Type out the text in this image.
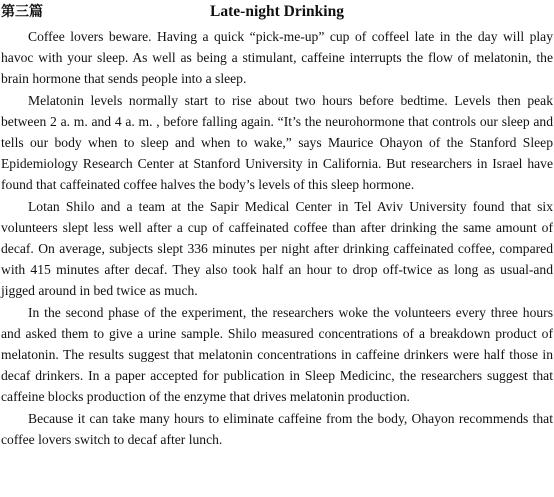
第三篇	Late-night Drinking

Coffee lovers beware. Having a quick “pick-me-up” cup of coffeel late in the day will play havoc with your sleep. As well as being a stimulant, caffeine interrupts the flow of melatonin, the brain hormone that sends people into a sleep.

Melatonin levels normally start to rise about two hours before bedtime. Levels then peak between 2 a. m. and 4 a. m. , before falling again. “It’s the neurohormone that controls our sleep and tells our body when to sleep and when to wake,” says Maurice Ohayon of the Stanford Sleep Epidemiology Research Center at Stanford University in California. But researchers in Israel have found that caffeinated coffee halves the body’s levels of this sleep hormone.

Lotan Shilo and a team at the Sapir Medical Center in Tel Aviv University found that six volunteers slept less well after a cup of caffeinated coffee than after drinking the same amount of decaf. On average, subjects slept 336 minutes per night after drinking caffeinated coffee, compared with 415 minutes after decaf. They also took half an hour to drop off-twice as long as usual-and jigged around in bed twice as much.

In the second phase of the experiment, the researchers woke the volunteers every three hours and asked them to give a urine sample. Shilo measured concentrations of a breakdown product of melatonin. The results suggest that melatonin concentrations in caffeine drinkers were half those in decaf drinkers. In a paper accepted for publication in Sleep Medicinc, the researchers suggest that caffeine blocks production of the enzyme that drives melatonin production.

Because it can take many hours to eliminate caffeine from the body, Ohayon recommends that coffee lovers switch to decaf after lunch.
